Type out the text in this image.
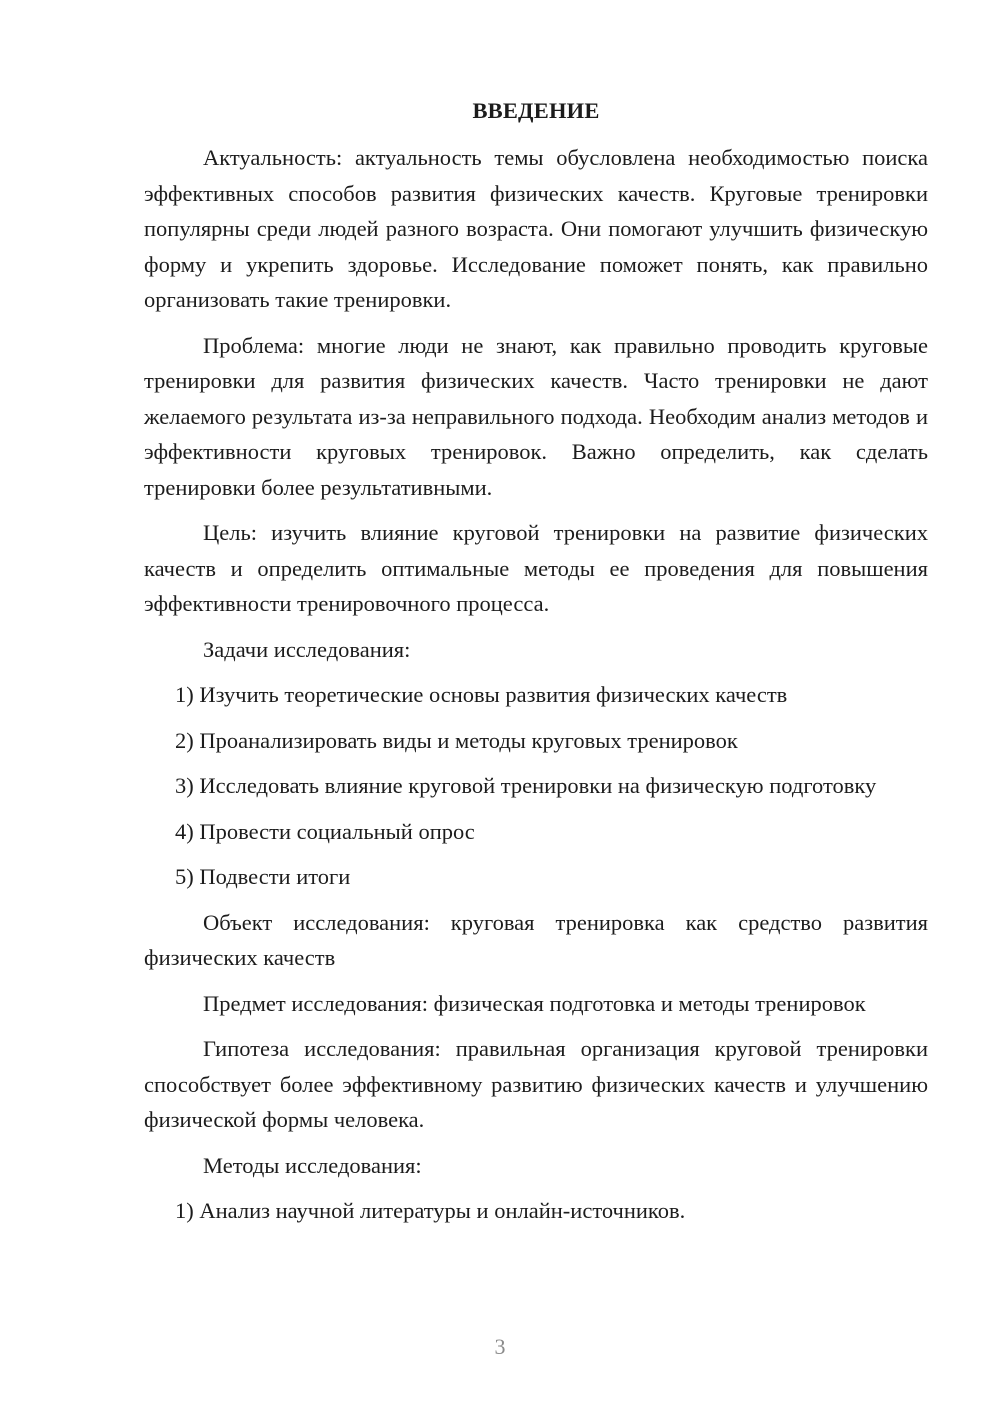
ВВЕДЕНИЕ

Актуальность: актуальность темы обусловлена необходимостью поиска эффективных способов развития физических качеств. Круговые тренировки популярны среди людей разного возраста. Они помогают улучшить физическую форму и укрепить здоровье. Исследование поможет понять, как правильно организовать такие тренировки.

Проблема: многие люди не знают, как правильно проводить круговые тренировки для развития физических качеств. Часто тренировки не дают желаемого результата из-за неправильного подхода. Необходим анализ методов и эффективности круговых тренировок. Важно определить, как сделать тренировки более результативными.

Цель: изучить влияние круговой тренировки на развитие физических качеств и определить оптимальные методы ее проведения для повышения эффективности тренировочного процесса.

Задачи исследования:

1) Изучить теоретические основы развития физических качеств

2) Проанализировать виды и методы круговых тренировок

3) Исследовать влияние круговой тренировки на физическую подготовку

4) Провести социальный опрос

5) Подвести итоги

Объект исследования: круговая тренировка как средство развития физических качеств

Предмет исследования: физическая подготовка и методы тренировок

Гипотеза исследования: правильная организация круговой тренировки способствует более эффективному развитию физических качеств и улучшению физической формы человека.

Методы исследования:

1) Анализ научной литературы и онлайн-источников.

3
